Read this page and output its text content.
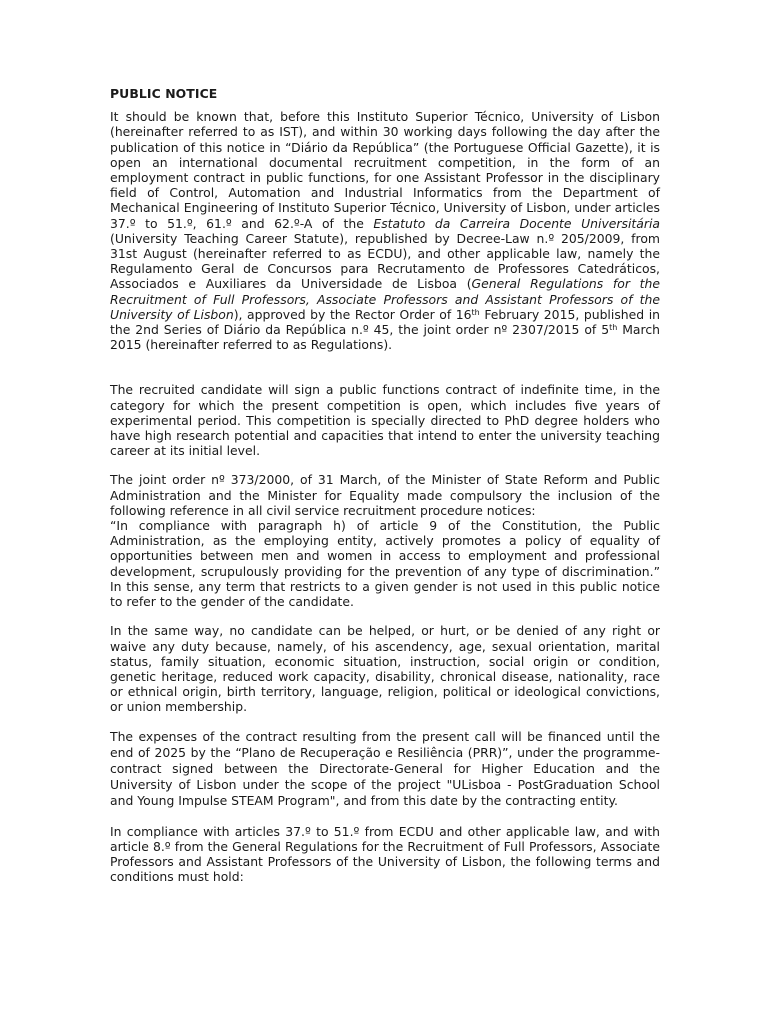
PUBLIC NOTICE

It should be known that, before this Instituto Superior Técnico, University of Lisbon (hereinafter referred to as IST), and within 30 working days following the day after the publication of this notice in “Diário da República” (the Portuguese Official Gazette), it is open an international documental recruitment competition, in the form of an employment contract in public functions, for one Assistant Professor in the disciplinary field of Control, Automation and Industrial Informatics from the Department of Mechanical Engineering of Instituto Superior Técnico, University of Lisbon, under articles 37.º to 51.º, 61.º and 62.º-A of the Estatuto da Carreira Docente Universitária (University Teaching Career Statute), republished by Decree-Law n.º 205/2009, from 31st August (hereinafter referred to as ECDU), and other applicable law, namely the Regulamento Geral de Concursos para Recrutamento de Professores Catedráticos, Associados e Auxiliares da Universidade de Lisboa (General Regulations for the Recruitment of Full Professors, Associate Professors and Assistant Professors of the University of Lisbon), approved by the Rector Order of 16th February 2015, published in the 2nd Series of Diário da República n.º 45, the joint order nº 2307/2015 of 5th March 2015 (hereinafter referred to as Regulations).

The recruited candidate will sign a public functions contract of indefinite time, in the category for which the present competition is open, which includes five years of experimental period. This competition is specially directed to PhD degree holders who have high research potential and capacities that intend to enter the university teaching career at its initial level.

The joint order nº 373/2000, of 31 March, of the Minister of State Reform and Public Administration and the Minister for Equality made compulsory the inclusion of the following reference in all civil service recruitment procedure notices:

“In compliance with paragraph h) of article 9 of the Constitution, the Public Administration, as the employing entity, actively promotes a policy of equality of opportunities between men and women in access to employment and professional development, scrupulously providing for the prevention of any type of discrimination.” In this sense, any term that restricts to a given gender is not used in this public notice to refer to the gender of the candidate.

In the same way, no candidate can be helped, or hurt, or be denied of any right or waive any duty because, namely, of his ascendency, age, sexual orientation, marital status, family situation, economic situation, instruction, social origin or condition, genetic heritage, reduced work capacity, disability, chronical disease, nationality, race or ethnical origin, birth territory, language, religion, political or ideological convictions, or union membership.

The expenses of the contract resulting from the present call will be financed until the end of 2025 by the “Plano de Recuperação e Resiliência (PRR)”, under the programme-contract signed between the Directorate-General for Higher Education and the University of Lisbon under the scope of the project "ULisboa - PostGraduation School and Young Impulse STEAM Program", and from this date by the contracting entity.

In compliance with articles 37.º to 51.º from ECDU and other applicable law, and with article 8.º from the General Regulations for the Recruitment of Full Professors, Associate Professors and Assistant Professors of the University of Lisbon, the following terms and conditions must hold:
